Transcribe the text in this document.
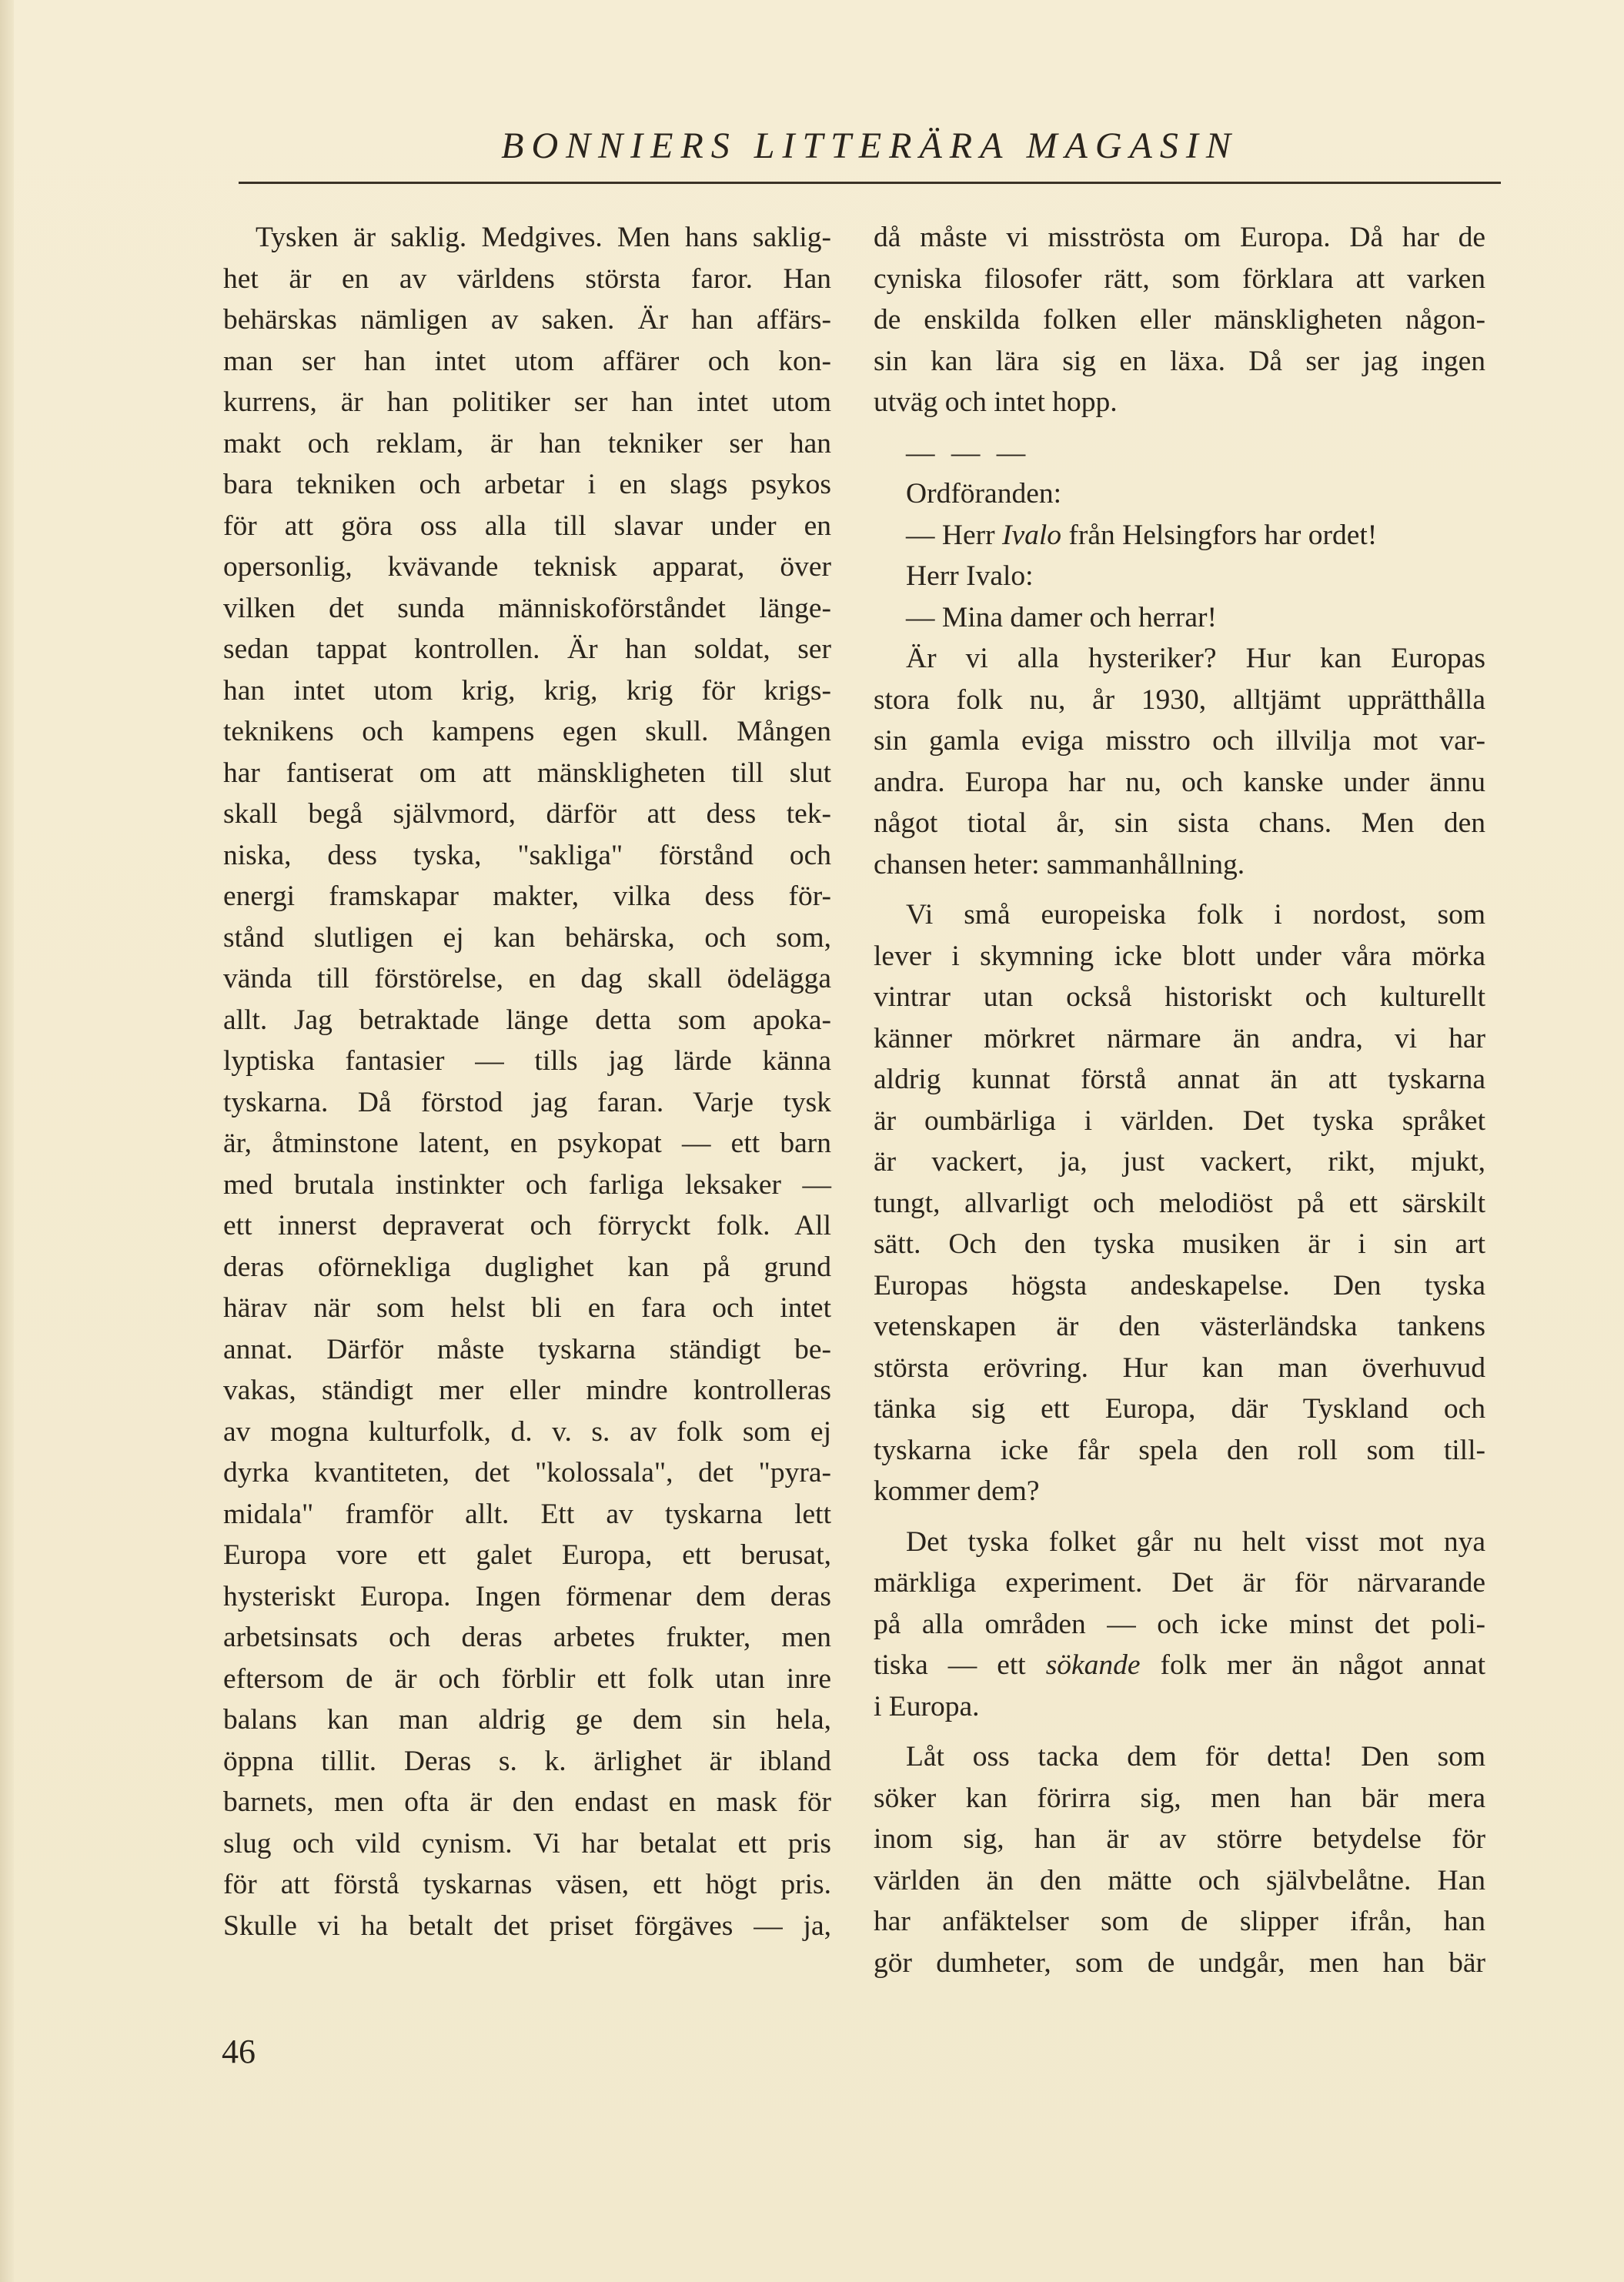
BONNIERS LITTERÄRA MAGASIN

Tysken är saklig. Medgives. Men hans saklig-
het är en av världens största faror. Han
behärskas nämligen av saken. Är han affärs-
man ser han intet utom affärer och kon-
kurrens, är han politiker ser han intet utom
makt och reklam, är han tekniker ser han
bara tekniken och arbetar i en slags psykos
för att göra oss alla till slavar under en
opersonlig, kvävande teknisk apparat, över
vilken det sunda människoförståndet länge-
sedan tappat kontrollen. Är han soldat, ser
han intet utom krig, krig, krig för krigs-
teknikens och kampens egen skull. Mången
har fantiserat om att mänskligheten till slut
skall begå självmord, därför att dess tek-
niska, dess tyska, "sakliga" förstånd och
energi framskapar makter, vilka dess för-
stånd slutligen ej kan behärska, och som,
vända till förstörelse, en dag skall ödelägga
allt. Jag betraktade länge detta som apoka-
lyptiska fantasier — tills jag lärde känna
tyskarna. Då förstod jag faran. Varje tysk
är, åtminstone latent, en psykopat — ett barn
med brutala instinkter och farliga leksaker —
ett innerst depraverat och förryckt folk. All
deras oförnekliga duglighet kan på grund
härav när som helst bli en fara och intet
annat. Därför måste tyskarna ständigt be-
vakas, ständigt mer eller mindre kontrolleras
av mogna kulturfolk, d. v. s. av folk som ej
dyrka kvantiteten, det "kolossala", det "pyra-
midala" framför allt. Ett av tyskarna lett
Europa vore ett galet Europa, ett berusat,
hysteriskt Europa. Ingen förmenar dem deras
arbetsinsats och deras arbetes frukter, men
eftersom de är och förblir ett folk utan inre
balans kan man aldrig ge dem sin hela,
öppna tillit. Deras s. k. ärlighet är ibland
barnets, men ofta är den endast en mask för
slug och vild cynism. Vi har betalat ett pris
för att förstå tyskarnas väsen, ett högt pris.
Skulle vi ha betalt det priset förgäves — ja,

då måste vi misströsta om Europa. Då har de
cyniska filosofer rätt, som förklara att varken
de enskilda folken eller mänskligheten någon-
sin kan lära sig en läxa. Då ser jag ingen
utväg och intet hopp.

— — —

Ordföranden:

— Herr Ivalo från Helsingfors har ordet!

Herr Ivalo:

— Mina damer och herrar!

Är vi alla hysteriker? Hur kan Europas
stora folk nu, år 1930, alltjämt upprätthålla
sin gamla eviga misstro och illvilja mot var-
andra. Europa har nu, och kanske under ännu
något tiotal år, sin sista chans. Men den
chansen heter: sammanhållning.

Vi små europeiska folk i nordost, som
lever i skymning icke blott under våra mörka
vintrar utan också historiskt och kulturellt
känner mörkret närmare än andra, vi har
aldrig kunnat förstå annat än att tyskarna
är oumbärliga i världen. Det tyska språket
är vackert, ja, just vackert, rikt, mjukt,
tungt, allvarligt och melodiöst på ett särskilt
sätt. Och den tyska musiken är i sin art
Europas högsta andeskapelse. Den tyska
vetenskapen är den västerländska tankens
största erövring. Hur kan man överhuvud
tänka sig ett Europa, där Tyskland och
tyskarna icke får spela den roll som till-
kommer dem?

Det tyska folket går nu helt visst mot nya
märkliga experiment. Det är för närvarande
på alla områden — och icke minst det poli-
tiska — ett sökande folk mer än något annat
i Europa.

Låt oss tacka dem för detta! Den som
söker kan förirra sig, men han bär mera
inom sig, han är av större betydelse för
världen än den mätte och självbelåtne. Han
har anfäktelser som de slipper ifrån, han
gör dumheter, som de undgår, men han bär

46
